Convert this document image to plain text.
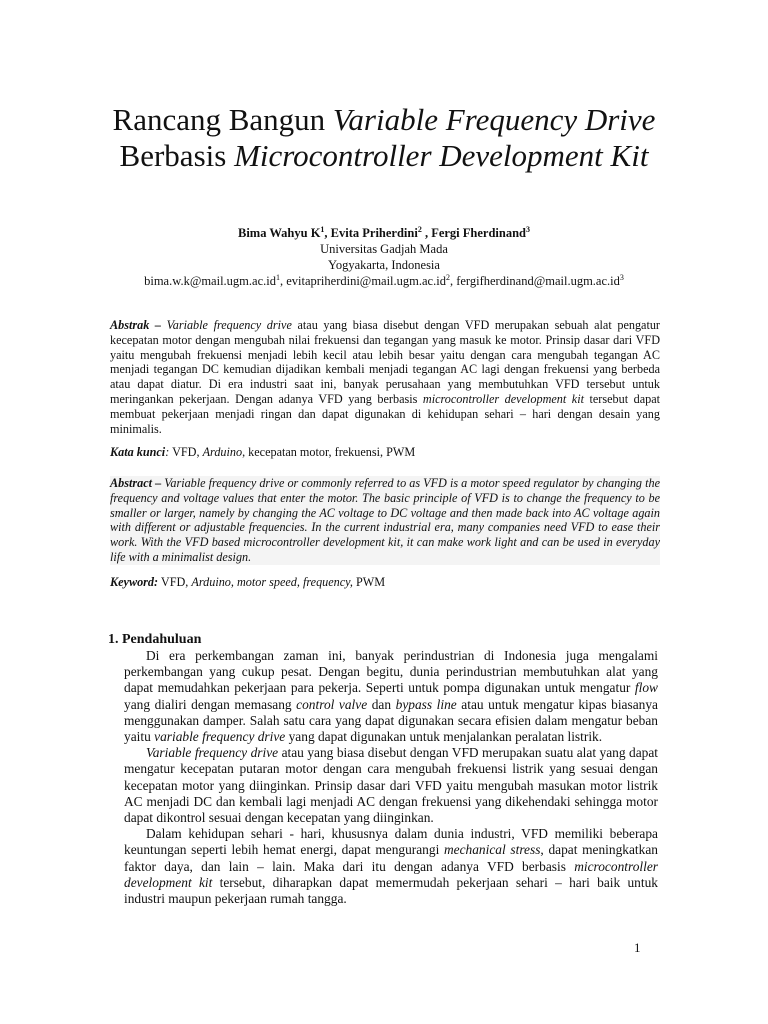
Rancang Bangun Variable Frequency Drive
Berbasis Microcontroller Development Kit
Bima Wahyu $K^1$, Evita Priherdini$^2$ , Fergi Fherdinand$^3$
Universitas Gadjah Mada
Yogyakarta, Indonesia
$bima.w.k@mail.ugm.ac.id^1$, $evitapriherdini@mail.ugm.ac.id^2$, $fergifherdinand@mail.ugm.ac.id^3$

Abstrak – Variable frequency drive atau yang biasa disebut dengan VFD merupakan sebuah alat pengatur kecepatan motor dengan mengubah nilai frekuensi dan tegangan yang masuk ke motor. Prinsip dasar dari VFD yaitu mengubah frekuensi menjadi lebih kecil atau lebih besar yaitu dengan cara mengubah tegangan AC menjadi tegangan DC kemudian dijadikan kembali menjadi tegangan AC lagi dengan frekuensi yang berbeda atau dapat diatur. Di era industri saat ini, banyak perusahaan yang membutuhkan VFD tersebut untuk meringankan pekerjaan. Dengan adanya VFD yang berbasis microcontroller development kit tersebut dapat membuat pekerjaan menjadi ringan dan dapat digunakan di kehidupan sehari – hari dengan desain yang minimalis.

Kata kunci: VFD, Arduino, kecepatan motor, frekuensi, PWM
Abstract – Variable frequency drive or commonly referred to as VFD is a motor speed regulator by changing the frequency and voltage values that enter the motor. The basic principle of VFD is to change the frequency to be smaller or larger, namely by changing the AC voltage to DC voltage and then made back into AC voltage again with different or adjustable frequencies. In the current industrial era, many companies need VFD to ease their work. With the VFD based microcontroller development kit, it can make work light and can be used in everyday life with a minimalist design.
Keyword: VFD, Arduino, motor speed, frequency, PWM
1. Pendahuluan

Di era perkembangan zaman ini, banyak perindustrian di Indonesia juga mengalami perkembangan yang cukup pesat. Dengan begitu, dunia perindustrian membutuhkan alat yang dapat memudahkan pekerjaan para pekerja. Seperti untuk pompa digunakan untuk mengatur flow yang dialiri dengan memasang control valve dan bypass line atau untuk mengatur kipas biasanya menggunakan damper. Salah satu cara yang dapat digunakan secara efisien dalam mengatur beban yaitu variable frequency drive yang dapat digunakan untuk menjalankan peralatan listrik.

Variable frequency drive atau yang biasa disebut dengan VFD merupakan suatu alat yang dapat mengatur kecepatan putaran motor dengan cara mengubah frekuensi listrik yang sesuai dengan kecepatan motor yang diinginkan. Prinsip dasar dari VFD yaitu mengubah masukan motor listrik AC menjadi DC dan kembali lagi menjadi AC dengan frekuensi yang dikehendaki sehingga motor dapat dikontrol sesuai dengan kecepatan yang diinginkan.

Dalam kehidupan sehari - hari, khususnya dalam dunia industri, VFD memiliki beberapa keuntungan seperti lebih hemat energi, dapat mengurangi mechanical stress, dapat meningkatkan faktor daya, dan lain – lain. Maka dari itu dengan adanya VFD berbasis microcontroller development kit tersebut, diharapkan dapat memermudah pekerjaan sehari – hari baik untuk industri maupun pekerjaan rumah tangga.

1
